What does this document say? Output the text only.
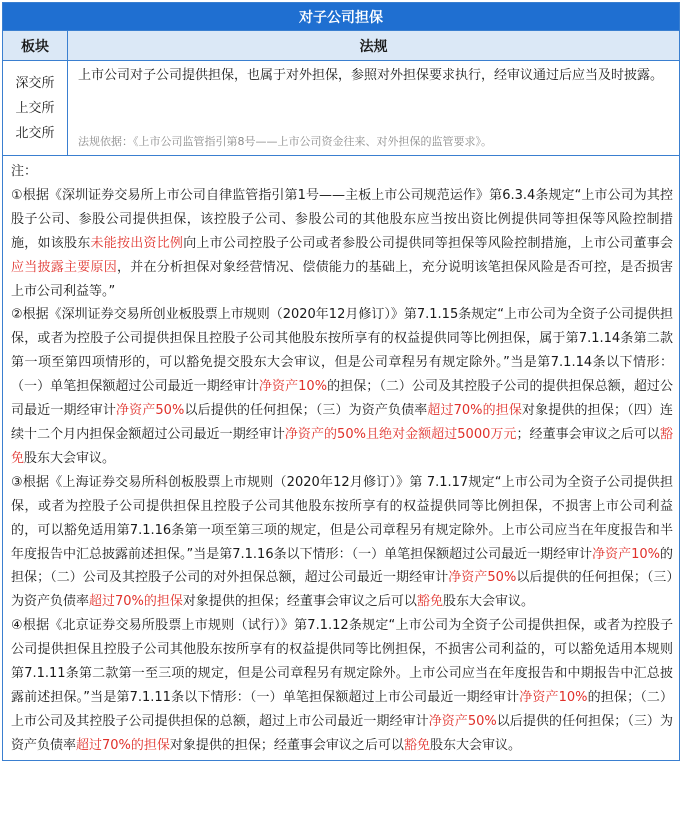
对子公司担保
板块	法规
深交所
上交所
北交所
上市公司对子公司提供担保，也属于对外担保，参照对外担保要求执行，经审议通过后应当及时披露。
法规依据：《上市公司监管指引第8号——上市公司资金往来、对外担保的监管要求》。
注：
①根据《深圳证券交易所上市公司自律监管指引第1号——主板上市公司规范运作》第6.3.4条规定“上市公司为其控股子公司、参股公司提供担保，该控股子公司、参股公司的其他股东应当按出资比例提供同等担保等风险控制措施，如该股东未能按出资比例向上市公司控股子公司或者参股公司提供同等担保等风险控制措施，上市公司董事会应当披露主要原因，并在分析担保对象经营情况、偿债能力的基础上，充分说明该笔担保风险是否可控，是否损害上市公司利益等。”
②根据《深圳证券交易所创业板股票上市规则（2020年12月修订）》第7.1.15条规定“上市公司为全资子公司提供担保，或者为控股子公司提供担保且控股子公司其他股东按所享有的权益提供同等比例担保，属于第7.1.14条第二款第一项至第四项情形的，可以豁免提交股东大会审议，但是公司章程另有规定除外。”当是第7.1.14条以下情形：（一）单笔担保额超过公司最近一期经审计净资产10%的担保；（二）公司及其控股子公司的提供担保总额，超过公司最近一期经审计净资产50%以后提供的任何担保；（三）为资产负债率超过70%的担保对象提供的担保；（四）连续十二个月内担保金额超过公司最近一期经审计净资产的50%且绝对金额超过5000万元；经董事会审议之后可以豁免股东大会审议。
③根据《上海证券交易所科创板股票上市规则（2020年12月修订）》第 7.1.17规定“上市公司为全资子公司提供担保，或者为控股子公司提供担保且控股子公司其他股东按所享有的权益提供同等比例担保，不损害上市公司利益的，可以豁免适用第7.1.16条第一项至第三项的规定，但是公司章程另有规定除外。上市公司应当在年度报告和半年度报告中汇总披露前述担保。”当是第7.1.16条以下情形：（一）单笔担保额超过公司最近一期经审计净资产10%的担保；（二）公司及其控股子公司的对外担保总额，超过公司最近一期经审计净资产50%以后提供的任何担保；（三）为资产负债率超过70%的担保对象提供的担保；经董事会审议之后可以豁免股东大会审议。
④根据《北京证券交易所股票上市规则（试行）》第7.1.12条规定“上市公司为全资子公司提供担保，或者为控股子公司提供担保且控股子公司其他股东按所享有的权益提供同等比例担保，不损害公司利益的，可以豁免适用本规则第7.1.11条第二款第一至三项的规定，但是公司章程另有规定除外。上市公司应当在年度报告和中期报告中汇总披露前述担保。”当是第7.1.11条以下情形：（一）单笔担保额超过上市公司最近一期经审计净资产10%的担保；（二）上市公司及其控股子公司提供担保的总额，超过上市公司最近一期经审计净资产50%以后提供的任何担保；（三）为资产负债率超过70%的担保对象提供的担保；经董事会审议之后可以豁免股东大会审议。
